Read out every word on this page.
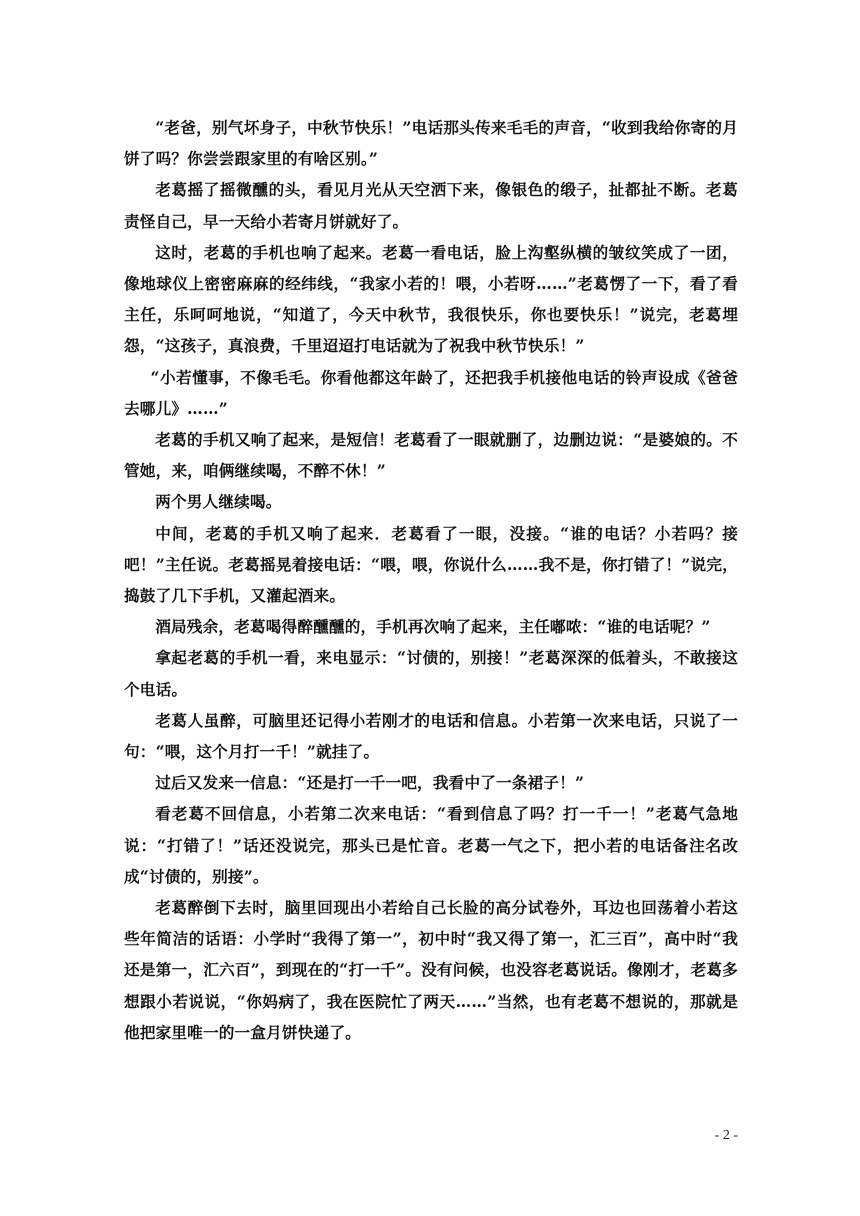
“老爸，别气坏身子，中秋节快乐！”电话那头传来毛毛的声音，“收到我给你寄的月饼了吗？你尝尝跟家里的有啥区别。”

老葛摇了摇微醺的头，看见月光从天空洒下来，像银色的缎子，扯都扯不断。老葛责怪自己，早一天给小若寄月饼就好了。

这时，老葛的手机也响了起来。老葛一看电话，脸上沟壑纵横的皱纹笑成了一团，像地球仪上密密麻麻的经纬线，“我家小若的！喂，小若呀……”老葛愣了一下，看了看主任，乐呵呵地说，“知道了，今天中秋节，我很快乐，你也要快乐！”说完，老葛埋怨，“这孩子，真浪费，千里迢迢打电话就为了祝我中秋节快乐！”

“小若懂事，不像毛毛。你看他都这年龄了，还把我手机接他电话的铃声设成《爸爸去哪儿》……”

老葛的手机又响了起来，是短信！老葛看了一眼就删了，边删边说：“是婆娘的。不管她，来，咱俩继续喝，不醉不休！”

两个男人继续喝。

中间，老葛的手机又响了起来．老葛看了一眼，没接。“谁的电话？小若吗？接吧！”主任说。老葛摇晃着接电话：“喂，喂，你说什么……我不是，你打错了！”说完，捣鼓了几下手机，又灌起酒来。

酒局残余，老葛喝得醉醺醺的，手机再次响了起来，主任嘟哝：“谁的电话呢？”

拿起老葛的手机一看，来电显示：“讨债的，别接！”老葛深深的低着头，不敢接这个电话。

老葛人虽醉，可脑里还记得小若刚才的电话和信息。小若第一次来电话，只说了一句：“喂，这个月打一千！”就挂了。

过后又发来一信息：“还是打一千一吧，我看中了一条裙子！”

看老葛不回信息，小若第二次来电话：“看到信息了吗？打一千一！”老葛气急地说：“打错了！”话还没说完，那头已是忙音。老葛一气之下，把小若的电话备注名改成“讨债的，别接”。

老葛醉倒下去时，脑里回现出小若给自己长脸的高分试卷外，耳边也回荡着小若这些年简洁的话语：小学时“我得了第一”，初中时“我又得了第一，汇三百”，高中时“我还是第一，汇六百”，到现在的“打一千”。没有问候，也没容老葛说话。像刚才，老葛多想跟小若说说，“你妈病了，我在医院忙了两天……”当然，也有老葛不想说的，那就是他把家里唯一的一盒月饼快递了。

- 2 -
